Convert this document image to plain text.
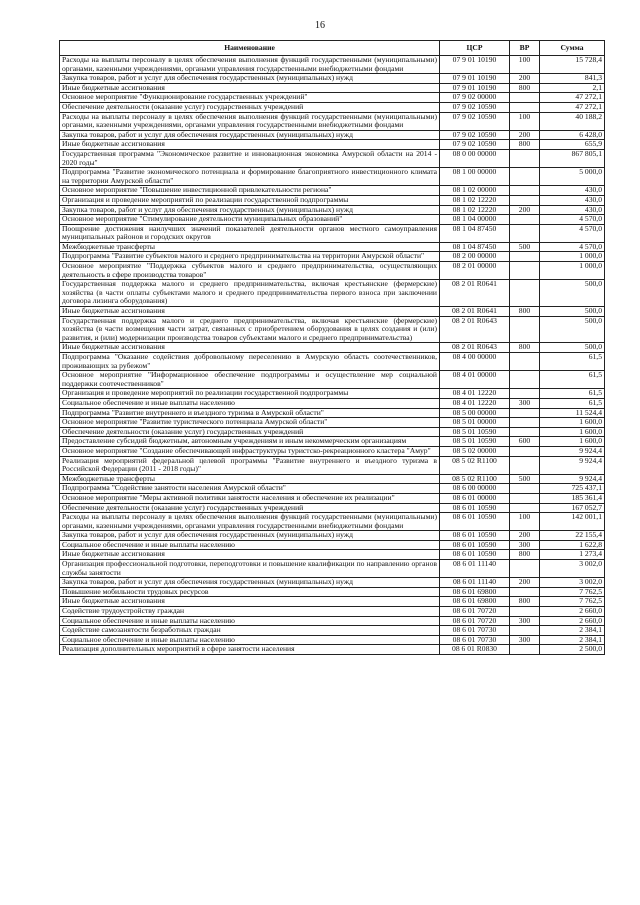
16
Наименование	ЦСР	ВР	Сумма
Расходы на выплаты персоналу в целях обеспечения выполнения функций государственными (муниципальными) органами, казенными учреждениями, органами управления государственными внебюджетными фондами	07 9 01 10190	100	15 728,4
Закупка товаров, работ и услуг для обеспечения государственных (муниципальных) нужд	07 9 01 10190	200	841,3
Иные бюджетные ассигнования	07 9 01 10190	800	2,1
Основное мероприятие "Функционирование государственных учреждений"	07 9 02 00000		47 272,1
Обеспечение деятельности (оказание услуг) государственных учреждений	07 9 02 10590		47 272,1
Расходы на выплаты персоналу в целях обеспечения выполнения функций государственными (муниципальными) органами, казенными учреждениями, органами управления государственными внебюджетными фондами	07 9 02 10590	100	40 188,2
Закупка товаров, работ и услуг для обеспечения государственных (муниципальных) нужд	07 9 02 10590	200	6 428,0
Иные бюджетные ассигнования	07 9 02 10590	800	655,9
Государственная программа "Экономическое развитие и инновационная экономика Амурской области на 2014 - 2020 годы"	08 0 00 00000		867 805,1
Подпрограмма "Развитие экономического потенциала и формирование благоприятного инвестиционного климата на территории Амурской области"	08 1 00 00000		5 000,0
Основное мероприятие "Повышение инвестиционной привлекательности региона"	08 1 02 00000		430,0
Организация и проведение мероприятий по реализации государственной подпрограммы	08 1 02 12220		430,0
Закупка товаров, работ и услуг для обеспечения государственных (муниципальных) нужд	08 1 02 12220	200	430,0
Основное мероприятие "Стимулирование деятельности муниципальных образований"	08 1 04 00000		4 570,0
Поощрение достижения наилучших значений показателей деятельности органов местного самоуправления муниципальных районов и городских округов	08 1 04 87450		4 570,0
Межбюджетные трансферты	08 1 04 87450	500	4 570,0
Подпрограмма "Развитие субъектов малого и среднего предпринимательства на территории Амурской области"	08 2 00 00000		1 000,0
Основное мероприятие "Поддержка субъектов малого и среднего предпринимательства, осуществляющих деятельность в сфере производства товаров"	08 2 01 00000		1 000,0
Государственная поддержка малого и среднего предпринимательства, включая крестьянские (фермерские) хозяйства (в части оплаты субъектами малого и среднего предпринимательства первого взноса при заключении договора лизинга оборудования)	08 2 01 R0641		500,0
Иные бюджетные ассигнования	08 2 01 R0641	800	500,0
Государственная поддержка малого и среднего предпринимательства, включая крестьянские (фермерские) хозяйства (в части возмещения части затрат, связанных с приобретением оборудования в целях создания и (или) развития, и (или) модернизации производства товаров субъектами малого и среднего предпринимательства)	08 2 01 R0643		500,0
Иные бюджетные ассигнования	08 2 01 R0643	800	500,0
Подпрограмма "Оказание содействия добровольному переселению в Амурскую область соотечественников, проживающих за рубежом"	08 4 00 00000		61,5
Основное мероприятие "Информационное обеспечение подпрограммы и осуществление мер социальной поддержки соотечественников"	08 4 01 00000		61,5
Организация и проведение мероприятий по реализации государственной подпрограммы	08 4 01 12220		61,5
Социальное обеспечение и иные выплаты населению	08 4 01 12220	300	61,5
Подпрограмма "Развитие внутреннего и въездного туризма в Амурской области"	08 5 00 00000		11 524,4
Основное мероприятие "Развитие туристического потенциала Амурской области"	08 5 01 00000		1 600,0
Обеспечение деятельности (оказание услуг) государственных учреждений	08 5 01 10590		1 600,0
Предоставление субсидий бюджетным, автономным учреждениям и иным некоммерческим организациям	08 5 01 10590	600	1 600,0
Основное мероприятие "Создание обеспечивающей инфраструктуры туристско-рекреационного кластера "Амур"	08 5 02 00000		9 924,4
Реализация мероприятий федеральной целевой программы "Развитие внутреннего и въездного туризма в Российской Федерации (2011 - 2018 годы)"	08 5 02 R1100		9 924,4
Межбюджетные трансферты	08 5 02 R1100	500	9 924,4
Подпрограмма "Содействие занятости населения Амурской области"	08 6 00 00000		725 437,1
Основное мероприятие "Меры активной политики занятости населения и обеспечение их реализации"	08 6 01 00000		185 361,4
Обеспечение деятельности (оказание услуг) государственных учреждений	08 6 01 10590		167 052,7
Расходы на выплаты персоналу в целях обеспечения выполнения функций государственными (муниципальными) органами, казенными учреждениями, органами управления государственными внебюджетными фондами	08 6 01 10590	100	142 001,1
Закупка товаров, работ и услуг для обеспечения государственных (муниципальных) нужд	08 6 01 10590	200	22 155,4
Социальное обеспечение и иные выплаты населению	08 6 01 10590	300	1 622,8
Иные бюджетные ассигнования	08 6 01 10590	800	1 273,4
Организация профессиональной подготовки, переподготовки и повышение квалификации по направлению органов службы занятости	08 6 01 11140		3 002,0
Закупка товаров, работ и услуг для обеспечения государственных (муниципальных) нужд	08 6 01 11140	200	3 002,0
Повышение мобильности трудовых ресурсов	08 6 01 69800		7 762,5
Иные бюджетные ассигнования	08 6 01 69800	800	7 762,5
Содействие трудоустройству граждан	08 6 01 70720		2 660,0
Социальное обеспечение и иные выплаты населению	08 6 01 70720	300	2 660,0
Содействие самозанятости безработных граждан	08 6 01 70730		2 384,1
Социальное обеспечение и иные выплаты населению	08 6 01 70730	300	2 384,1
Реализация дополнительных мероприятий в сфере занятости населения	08 6 01 R0830		2 500,0
